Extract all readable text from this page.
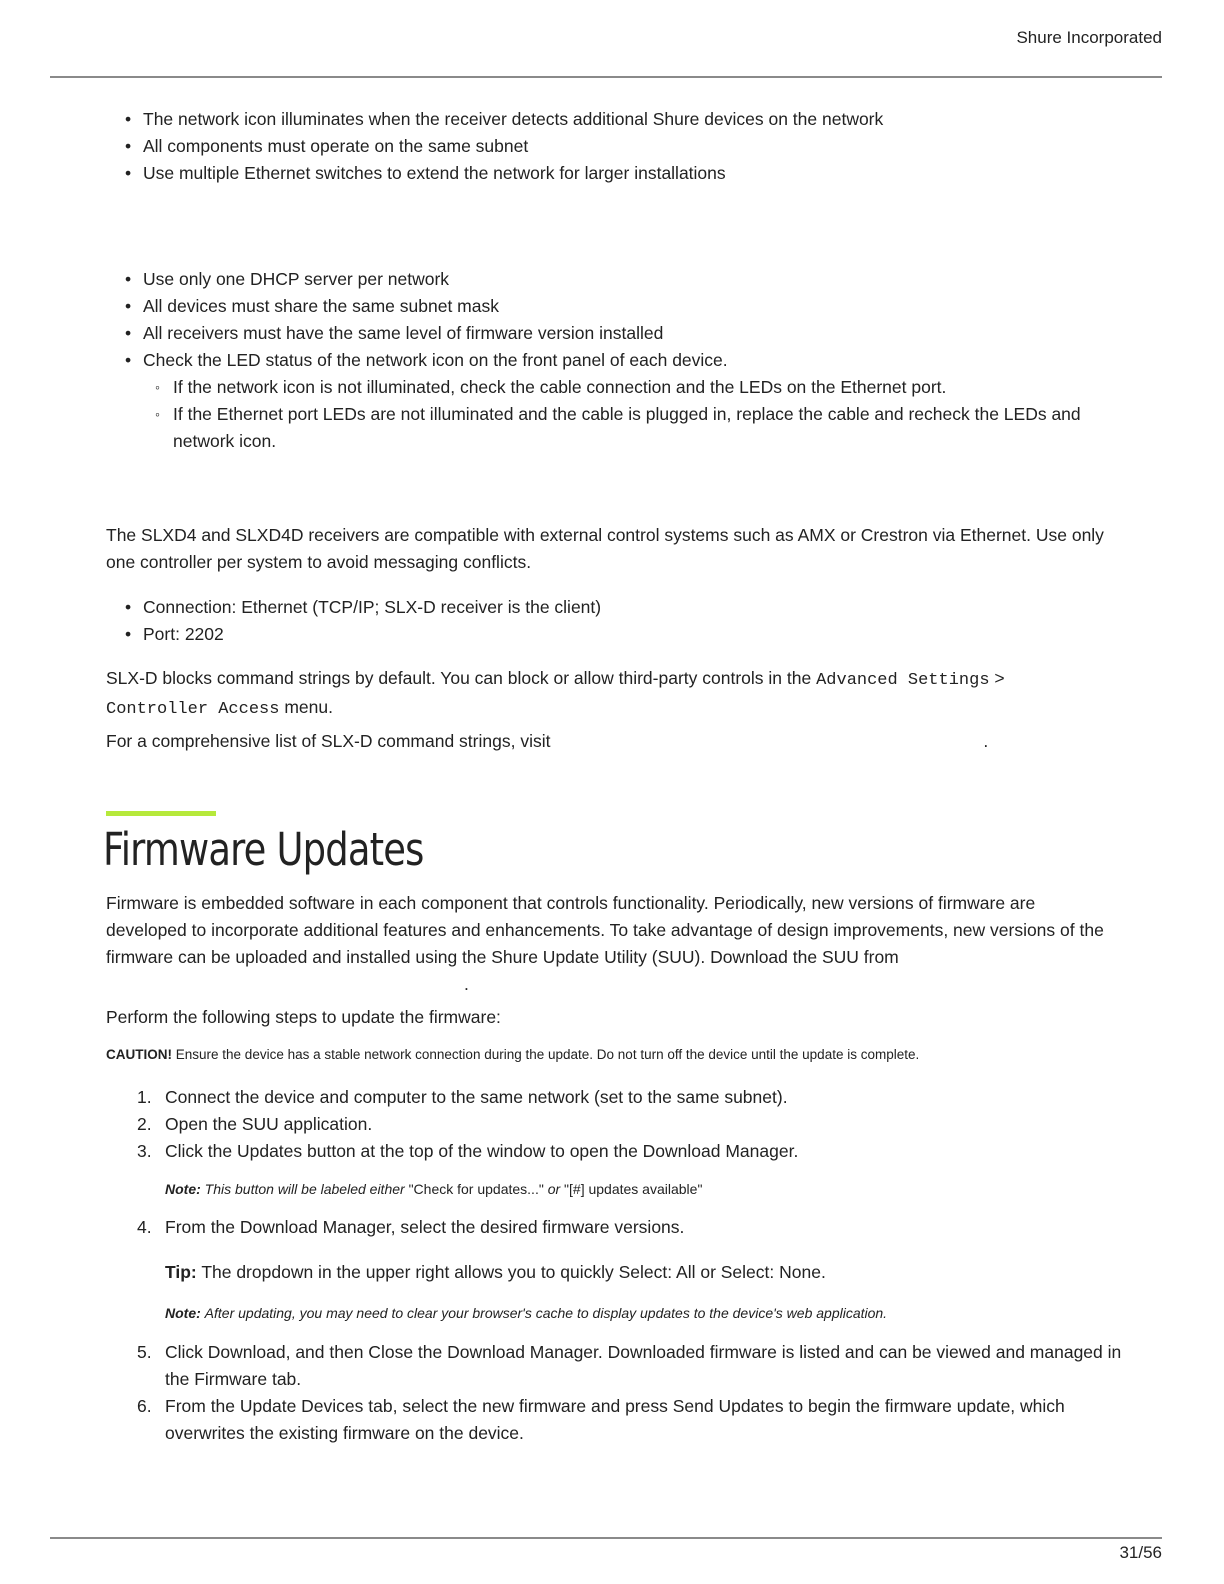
Shure Incorporated
• The network icon illuminates when the receiver detects additional Shure devices on the network
• All components must operate on the same subnet
• Use multiple Ethernet switches to extend the network for larger installations
• Use only one DHCP server per network
• All devices must share the same subnet mask
• All receivers must have the same level of firmware version installed
• Check the LED status of the network icon on the front panel of each device.
◦ If the network icon is not illuminated, check the cable connection and the LEDs on the Ethernet port.
◦ If the Ethernet port LEDs are not illuminated and the cable is plugged in, replace the cable and recheck the LEDs and network icon.

The SLXD4 and SLXD4D receivers are compatible with external control systems such as AMX or Crestron via Ethernet. Use only one controller per system to avoid messaging conflicts.

• Connection: Ethernet (TCP/IP; SLX-D receiver is the client)
• Port: 2202

SLX-D blocks command strings by default. You can block or allow third-party controls in the Advanced Settings > Controller Access menu.

For a comprehensive list of SLX-D command strings, visit	.

Firmware Updates

Firmware is embedded software in each component that controls functionality. Periodically, new versions of firmware are developed to incorporate additional features and enhancements. To take advantage of design improvements, new versions of the firmware can be uploaded and installed using the Shure Update Utility (SUU). Download the SUU from
.

Perform the following steps to update the firmware:

CAUTION! Ensure the device has a stable network connection during the update. Do not turn off the device until the update is complete.

1. Connect the device and computer to the same network (set to the same subnet).
2. Open the SUU application.
3. Click the Updates button at the top of the window to open the Download Manager.

Note: This button will be labeled either "Check for updates..." or "[#] updates available"

4. From the Download Manager, select the desired firmware versions.

Tip: The dropdown in the upper right allows you to quickly Select: All or Select: None.

Note: After updating, you may need to clear your browser's cache to display updates to the device's web application.

5. Click Download, and then Close the Download Manager. Downloaded firmware is listed and can be viewed and managed in the Firmware tab.
6. From the Update Devices tab, select the new firmware and press Send Updates to begin the firmware update, which overwrites the existing firmware on the device.
31/56
